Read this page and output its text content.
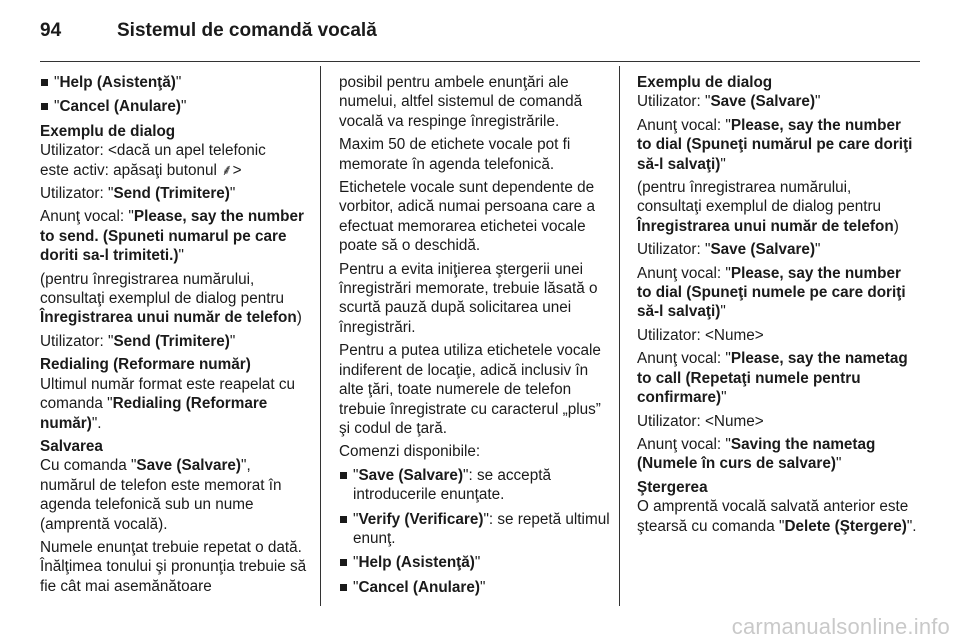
94	Sistemul de comandă vocală
"Help (Asistenţă)"
"Cancel (Anulare)"

Exemplu de dialog

Utilizator: <dacă un apel telefonic
este activ: apăsaţi butonul ⸙>

Utilizator: "Send (Trimitere)"

Anunţ vocal: "Please, say the number to send. (Spuneti numarul pe care doriti sa-l trimiteti.)"

(pentru înregistrarea numărului, consultaţi exemplul de dialog pentru Înregistrarea unui număr de telefon)

Utilizator: "Send (Trimitere)"

Redialing (Reformare număr)

Ultimul număr format este reapelat cu comanda "Redialing (Reformare număr)".

Salvarea

Cu comanda "Save (Salvare)", numărul de telefon este memorat în agenda telefonică sub un nume (amprentă vocală).

Numele enunţat trebuie repetat o dată. Înălţimea tonului şi pronunţia trebuie să fie cât mai asemănătoare

posibil pentru ambele enunţări ale numelui, altfel sistemul de comandă vocală va respinge înregistrările.

Maxim 50 de etichete vocale pot fi memorate în agenda telefonică.

Etichetele vocale sunt dependente de vorbitor, adică numai persoana care a efectuat memorarea etichetei vocale poate să o deschidă.

Pentru a evita iniţierea ştergerii unei înregistrări memorate, trebuie lăsată o scurtă pauză după solicitarea unei înregistrări.

Pentru a putea utiliza etichetele vocale indiferent de locaţie, adică inclusiv în alte ţări, toate numerele de telefon trebuie înregistrate cu caracterul „plus” şi codul de ţară.

Comenzi disponibile:

"Save (Salvare)": se acceptă introducerile enunţate.
"Verify (Verificare)": se repetă ultimul enunţ.
"Help (Asistenţă)"
"Cancel (Anulare)"

Exemplu de dialog

Utilizator: "Save (Salvare)"

Anunţ vocal: "Please, say the number to dial (Spuneţi numărul pe care doriţi să-l salvaţi)"

(pentru înregistrarea numărului, consultaţi exemplul de dialog pentru Înregistrarea unui număr de telefon)

Utilizator: "Save (Salvare)"

Anunţ vocal: "Please, say the number to dial (Spuneţi numele pe care doriţi să-l salvaţi)"

Utilizator: <Nume>

Anunţ vocal: "Please, say the nametag to call (Repetaţi numele pentru confirmare)"

Utilizator: <Nume>

Anunţ vocal: "Saving the nametag (Numele în curs de salvare)"

Ştergerea

O amprentă vocală salvată anterior este ştearsă cu comanda "Delete (Ştergere)".

carmanualsonline.info
